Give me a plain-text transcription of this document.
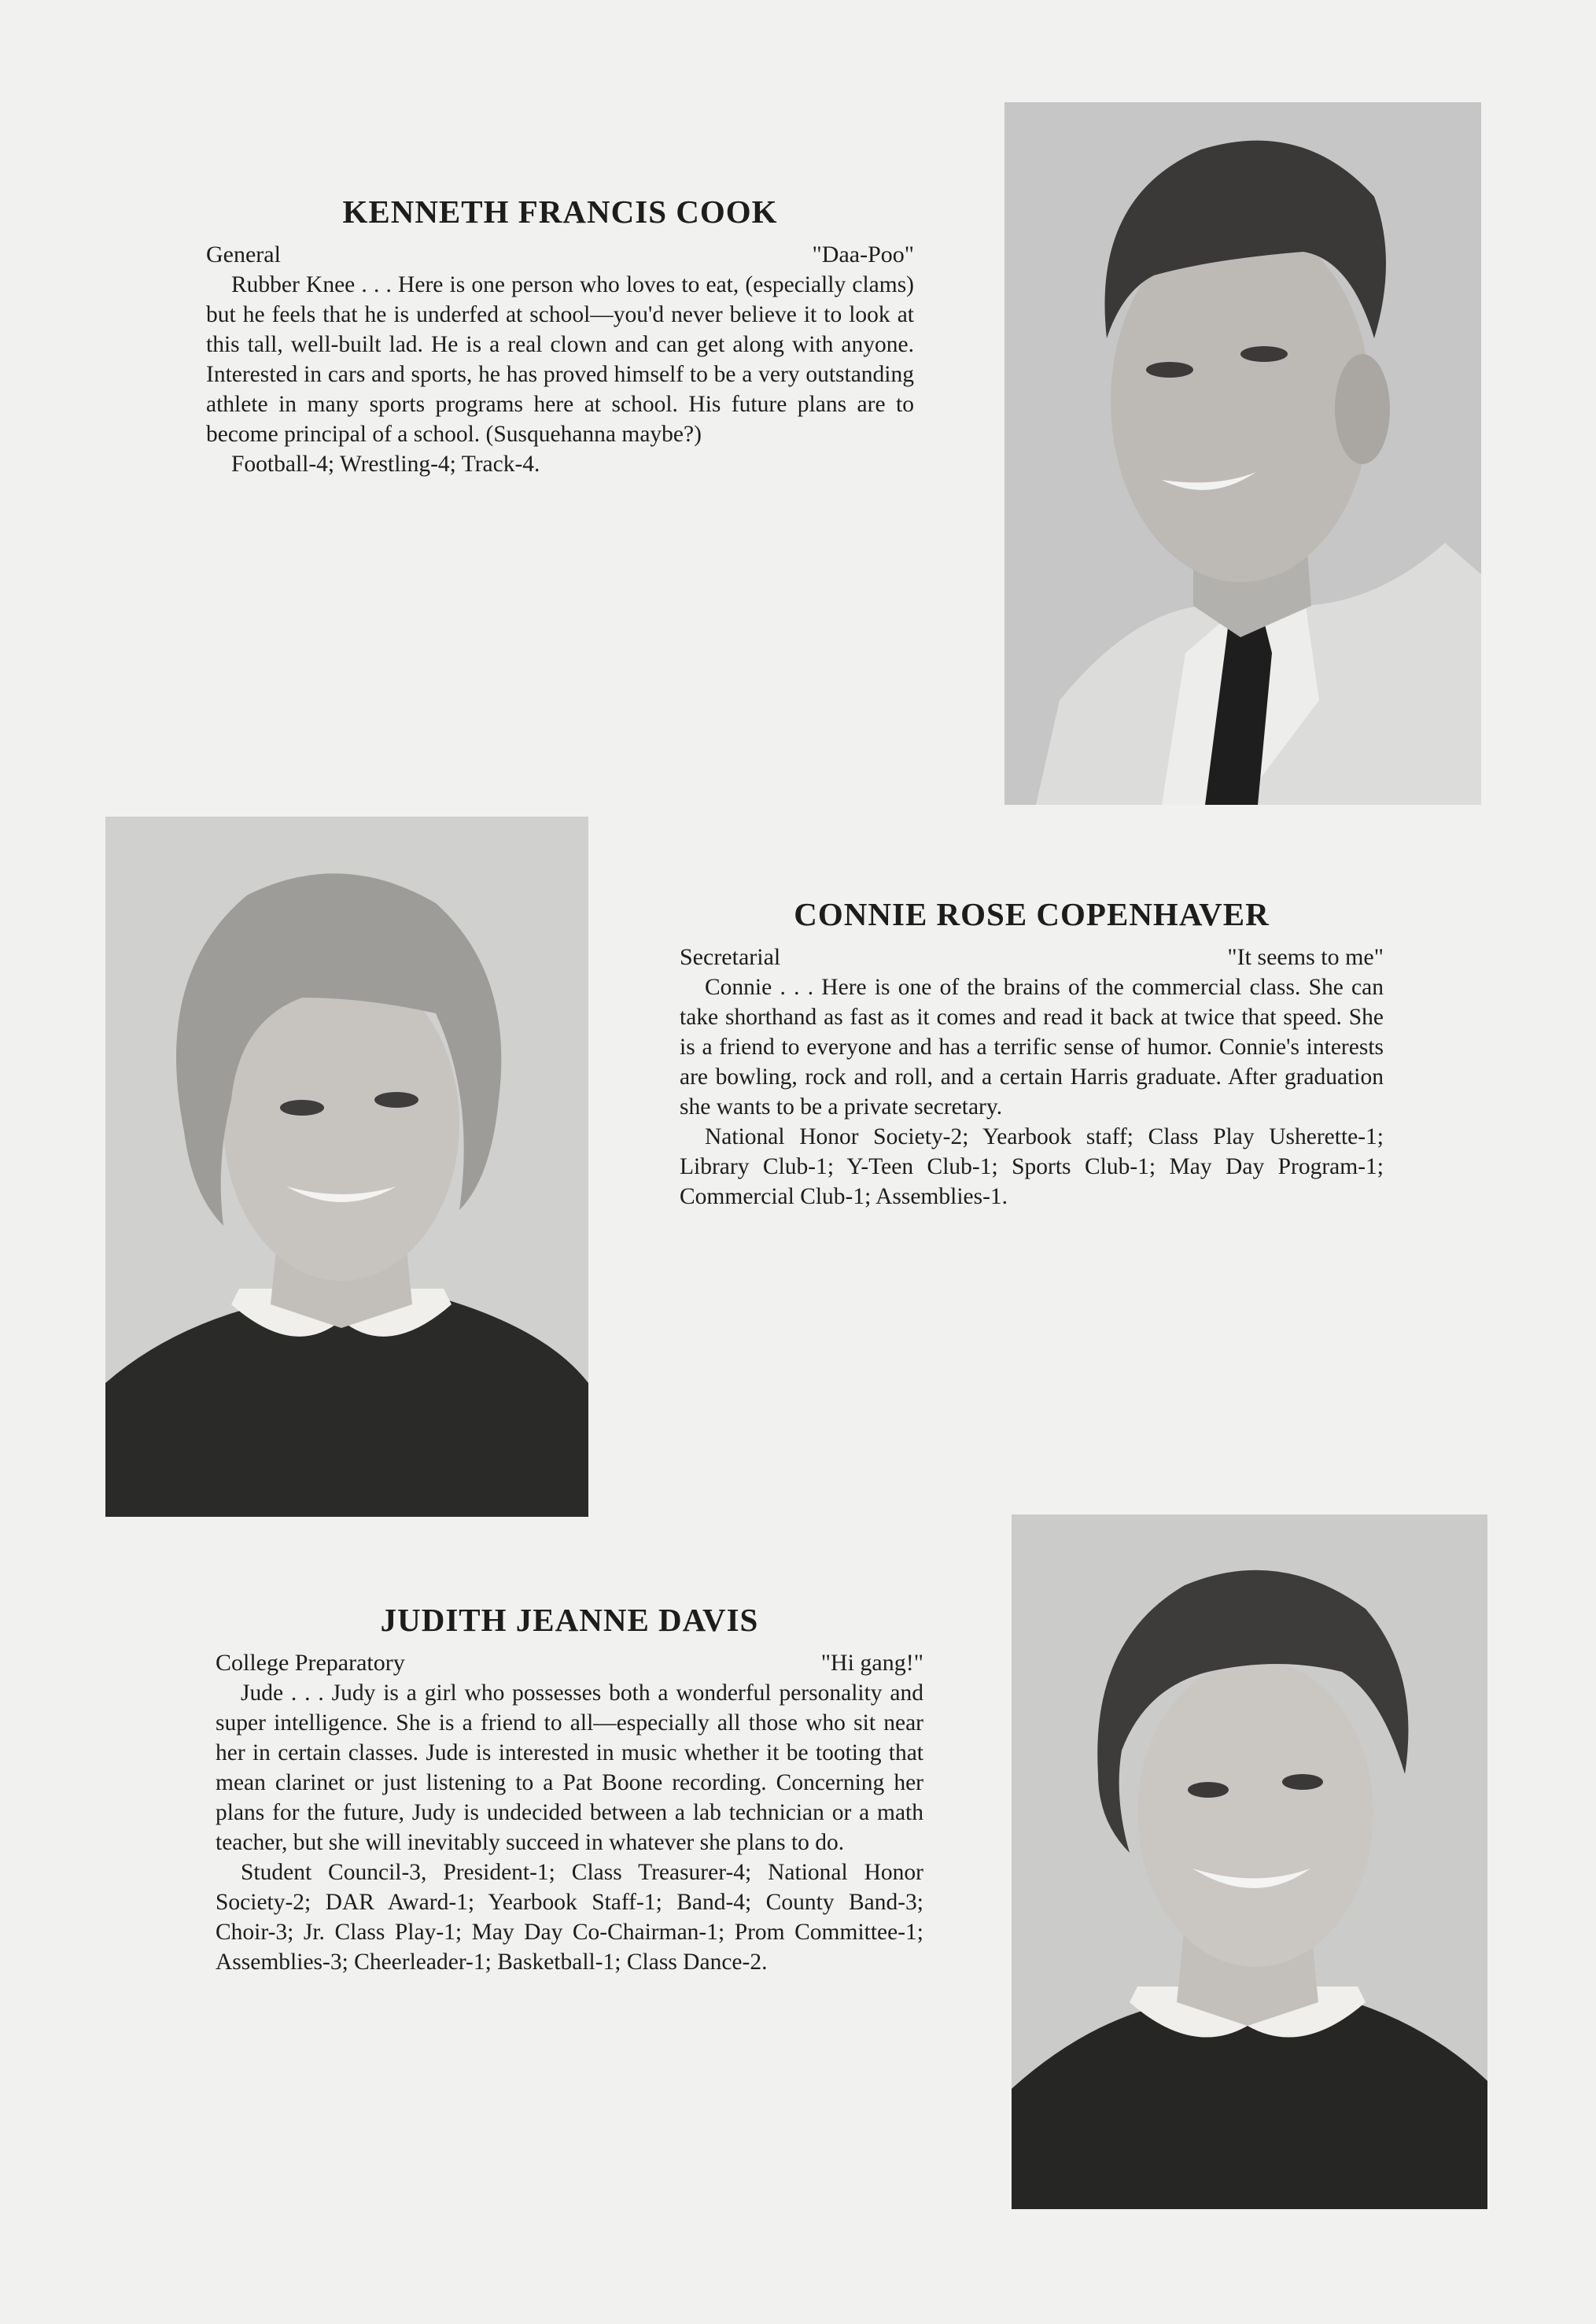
KENNETH FRANCIS COOK
General	"Daa-Poo"

Rubber Knee . . . Here is one person who loves to eat, (especially clams) but he feels that he is underfed at school—you'd never believe it to look at this tall, well-built lad. He is a real clown and can get along with anyone. Interested in cars and sports, he has proved himself to be a very outstanding athlete in many sports programs here at school. His future plans are to become principal of a school. (Susquehanna maybe?)

Football-4; Wrestling-4; Track-4.

CONNIE ROSE COPENHAVER
Secretarial	"It seems to me"

Connie . . . Here is one of the brains of the commercial class. She can take shorthand as fast as it comes and read it back at twice that speed. She is a friend to everyone and has a terrific sense of humor. Connie's interests are bowling, rock and roll, and a certain Harris graduate. After graduation she wants to be a private secretary.

National Honor Society-2; Yearbook staff; Class Play Usherette-1; Library Club-1; Y-Teen Club-1; Sports Club-1; May Day Program-1; Commercial Club-1; Assemblies-1.

JUDITH JEANNE DAVIS
College Preparatory	"Hi gang!"

Jude . . . Judy is a girl who possesses both a wonderful personality and super intelligence. She is a friend to all—especially all those who sit near her in certain classes. Jude is interested in music whether it be tooting that mean clarinet or just listening to a Pat Boone recording. Concerning her plans for the future, Judy is undecided between a lab technician or a math teacher, but she will inevitably succeed in whatever she plans to do.

Student Council-3, President-1; Class Treasurer-4; National Honor Society-2; DAR Award-1; Yearbook Staff-1; Band-4; County Band-3; Choir-3; Jr. Class Play-1; May Day Co-Chairman-1; Prom Committee-1; Assemblies-3; Cheerleader-1; Basketball-1; Class Dance-2.
